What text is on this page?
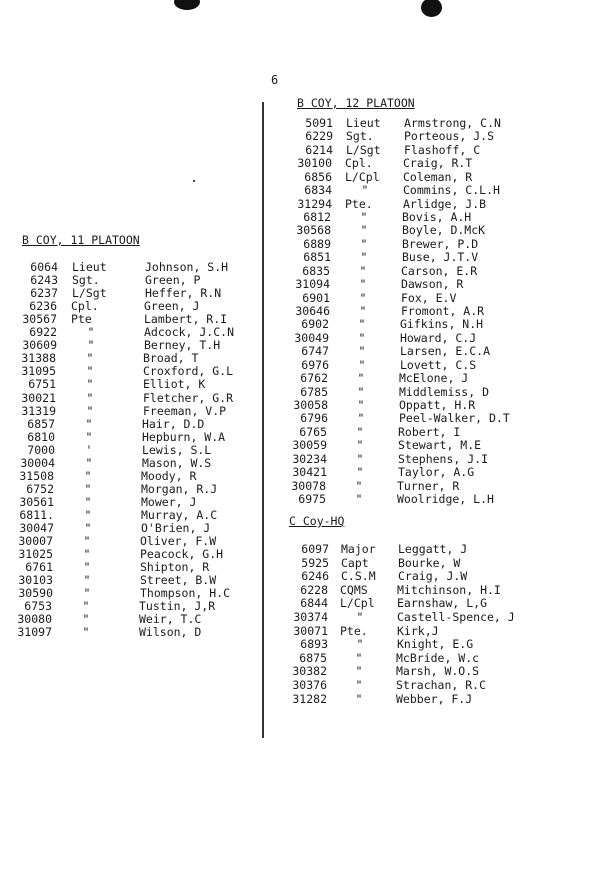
6
B COY, 11 PLATOON
6064 Lieut	Johnson, S.H
6243 Sgt.	Green, P
6237 L/Sgt	Heffer, R.N
6236 Cpl.	Green, J
30567 Pte	Lambert, R.I
6922	"	Adcock, J.C.N
30609	"	Berney, T.H
31388	"	Broad, T
31095	"	Croxford, G.L
6751	"	Elliot, K
30021	"	Fletcher, G.R
31319	"	Freeman, V.P
6857	"	Hair, D.D
6810	"	Hepburn, W.A
7000	'	Lewis, S.L
30004	"	Mason, W.S
31508	"	Moody, R
6752	"	Morgan, R.J
30561	"	Mower, J
6811.	"	Murray, A.C
30047	"	O'Brien, J
30007	"	Oliver, F.W
31025	"	Peacock, G.H
6761	"	Shipton, R
30103	"	Street, B.W
30590	"	Thompson, H.C
6753	"	Tustin, J,R
30080	"	Weir, T.C
31097	"	Wilson, D
B COY, 12 PLATOON
5091 Lieut	Armstrong, C.N
6229 Sgt.	Porteous, J.S
6214 L/Sgt	Flashoff, C
30100 Cpl.	Craig, R.T
6856 L/Cpl	Coleman, R
6834	"	Commins, C.L.H
31294 Pte.	Arlidge, J.B
6812	"	Bovis, A.H
30568	"	Boyle, D.McK
6889	"	Brewer, P.D
6851	"	Buse, J.T.V
6835	"	Carson, E.R
31094	"	Dawson, R
6901	"	Fox, E.V
30646	"	Fromont, A.R
6902	"	Gifkins, N.H
30049	"	Howard, C.J
6747	"	Larsen, E.C.A
6976	"	Lovett, C.S
6762	"	McElone, J
6785	"	Middlemiss, D
30058	"	Oppatt, H.R
6796	"	Peel-Walker, D.T
6765	"	Robert, I
30059	"	Stewart, M.E
30234	"	Stephens, J.I
30421	"	Taylor, A.G
30078	"	Turner, R
6975	"	Woolridge, L.H
C Coy-HQ
6097 Major	Leggatt, J
5925 Capt	Bourke, W
6246 C.S.M	Craig, J.W
6228 CQMS	Mitchinson, H.I
6844 L/Cpl	Earnshaw, L,G
30374	"	Castell-Spence, J
30071 Pte.	Kirk,J
6893	"	Knight, E.G
6875	"	McBride, W.c
30382	"	Marsh, W.O.S
30376	"	Strachan, R.C
31282	"	Webber, F.J
